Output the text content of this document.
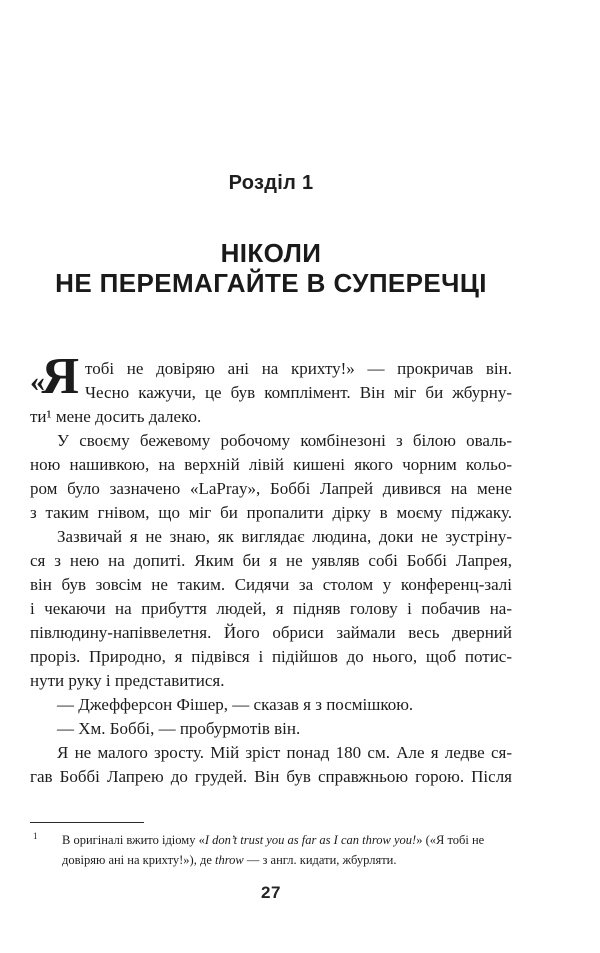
Розділ 1
НІКОЛИ
НЕ ПЕРЕМАГАЙТЕ В СУПЕРЕЧЦІ
«
Я тобі не довіряю ані на крихту!» — прокричав він.
Чесно кажучи, це був комплімент. Він міг би жбурну-
ти¹ мене досить далеко.
У своєму бежевому робочому комбінезоні з білою оваль-
ною нашивкою, на верхній лівій кишені якого чорним кольо-
ром було зазначено «LaPray», Боббі Лапрей дивився на мене
з таким гнівом, що міг би пропалити дірку в моєму піджаку.
Зазвичай я не знаю, як виглядає людина, доки не зустріну-
ся з нею на допиті. Яким би я не уявляв собі Боббі Лапрея,
він був зовсім не таким. Сидячи за столом у конференц-залі
і чекаючи на прибуття людей, я підняв голову і побачив на-
півлюдину-напіввелетня. Його обриси займали весь дверний
проріз. Природно, я підвівся і підійшов до нього, щоб потис-
нути руку і представитися.
— Джефферсон Фішер, — сказав я з посмішкою.
— Хм. Боббі, — пробурмотів він.
Я не малого зросту. Мій зріст понад 180 см. Але я ледве ся-
гав Боббі Лапрею до грудей. Він був справжньою горою. Після
1 В оригіналі вжито ідіому «I don’t trust you as far as I can throw you!» («Я тобі не
довіряю ані на крихту!»), де throw — з англ. кидати, жбурляти.
27
